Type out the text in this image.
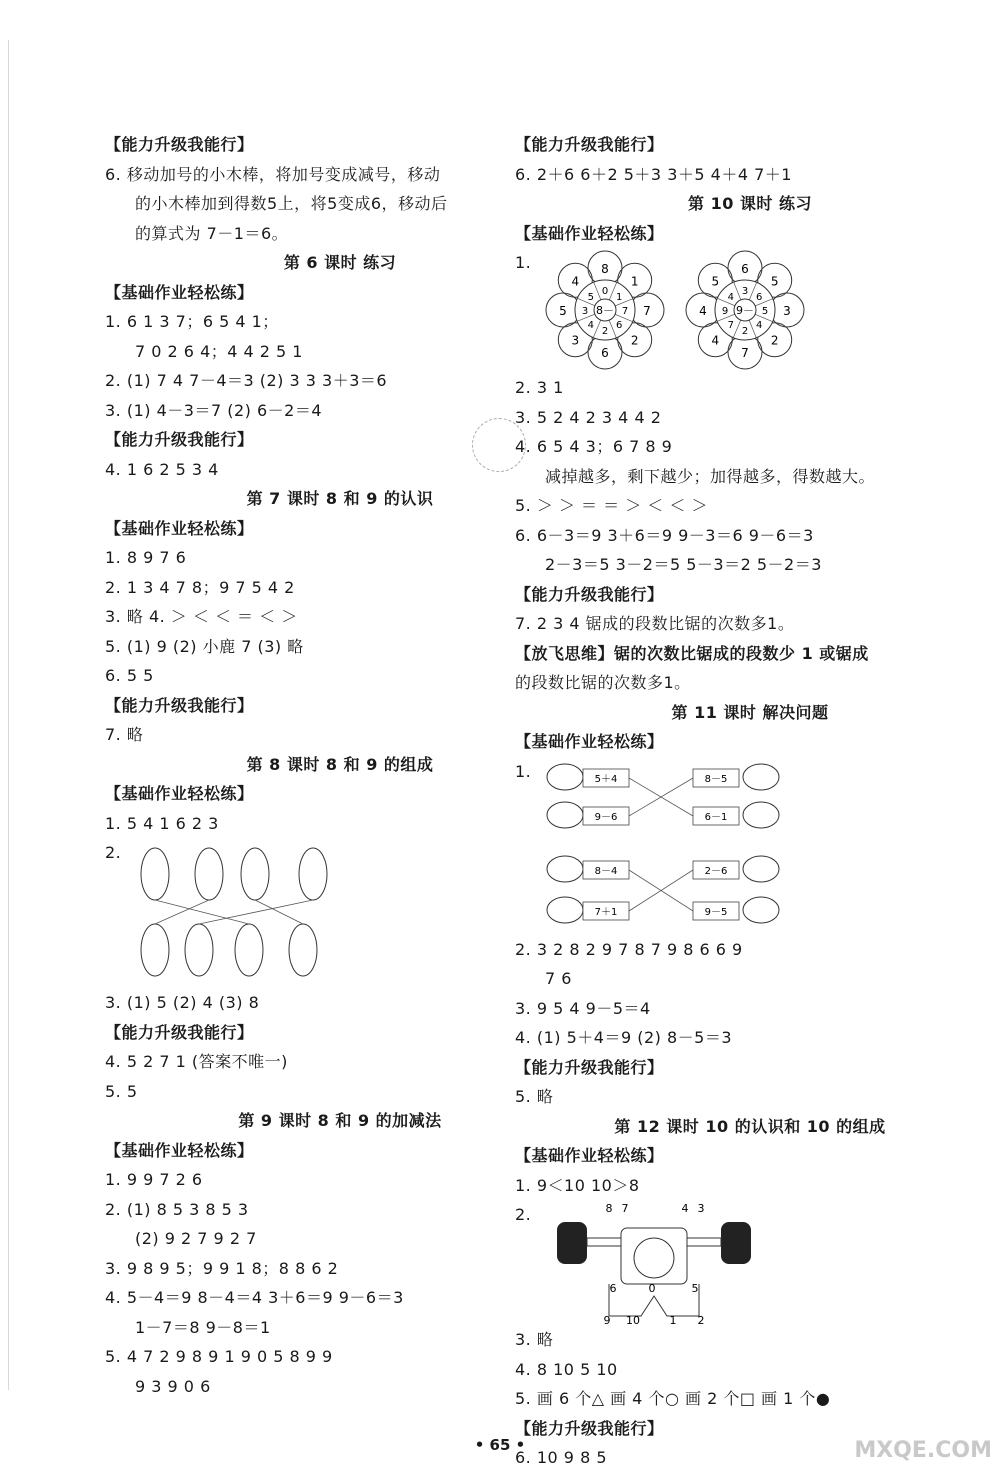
【能力升级我能行】
6. 移动加号的小木棒，将加号变成减号，移动
的小木棒加到得数5上，将5变成6，移动后
的算式为 7－1＝6。
第 6 课时 练习
【基础作业轻松练】
1. 6 1 3 7；6 5 4 1；
7 0 2 6 4；4 4 2 5 1
2. (1) 7 4 7－4＝3 (2) 3 3 3＋3＝6
3. (1) 4－3＝7 (2) 6－2＝4
【能力升级我能行】
4. 1 6 2 5 3 4
第 7 课时 8 和 9 的认识
【基础作业轻松练】
1. 8 9 7 6
2. 1 3 4 7 8；9 7 5 4 2
3. 略 4. ＞ ＜ ＜ ＝ ＜ ＞
5. (1) 9 (2) 小鹿 7 (3) 略
6. 5 5
【能力升级我能行】
7. 略
第 8 课时 8 和 9 的组成
【基础作业轻松练】
1. 5 4 1 6 2 3
2.
3. (1) 5 (2) 4 (3) 8
【能力升级我能行】
4. 5 2 7 1 (答案不唯一)
5. 5
第 9 课时 8 和 9 的加减法
【基础作业轻松练】
1. 9 9 7 2 6
2. (1) 8 5 3 8 5 3
(2) 9 2 7 9 2 7
3. 9 8 9 5；9 9 1 8；8 8 6 2
4. 5－4＝9 8－4＝4 3＋6＝9 9－6＝3
1－7＝8 9－8＝1
5. 4 7 2 9 8 9 1 9 0 5 8 9 9
9 3 9 0 6
【能力升级我能行】
6. 2＋6 6＋2 5＋3 3＋5 4＋4 7＋1
第 10 课时 练习
【基础作业轻松练】
1.	8
1
7
2
6
3
5
4
0
1
7
6
2
4
3
5
8－
6
5
3
2
7
4
4
5
3
6
5
4
2
7
9
4
9－
2. 3 1
3. 5 2 4 2 3 4 4 2
4. 6 5 4 3；6 7 8 9
减掉越多，剩下越少；加得越多，得数越大。
5. ＞ ＞ ＝ ＝ ＞ ＜ ＜ ＞
6. 6－3＝9 3＋6＝9 9－3＝6 9－6＝3
2－3＝5 3－2＝5 5－3＝2 5－2＝3
【能力升级我能行】
7. 2 3 4 锯成的段数比锯的次数多1。
【放飞思维】锯的次数比锯成的段数少 1 或锯成
的段数比锯的次数多1。
第 11 课时 解决问题
【基础作业轻松练】
1.	5＋4	8－5
9－6	6－1
8－4	2－6
7＋1	9－5
2. 3 2 8 2 9 7 8 7 9 8 6 6 9
7 6
3. 9 5 4 9－5＝4
4. (1) 5＋4＝9 (2) 8－5＝3
【能力升级我能行】
5. 略
第 12 课时 10 的认识和 10 的组成
【基础作业轻松练】
1. 9＜10 10＞8
2.	8 7	4 3
6	0	5
9 10	1 2
3. 略
4. 8 10 5 10
5. 画 6 个△ 画 4 个○ 画 2 个□ 画 1 个●
【能力升级我能行】
6. 10 9 8 5
• 65 •	MXQE.COM
